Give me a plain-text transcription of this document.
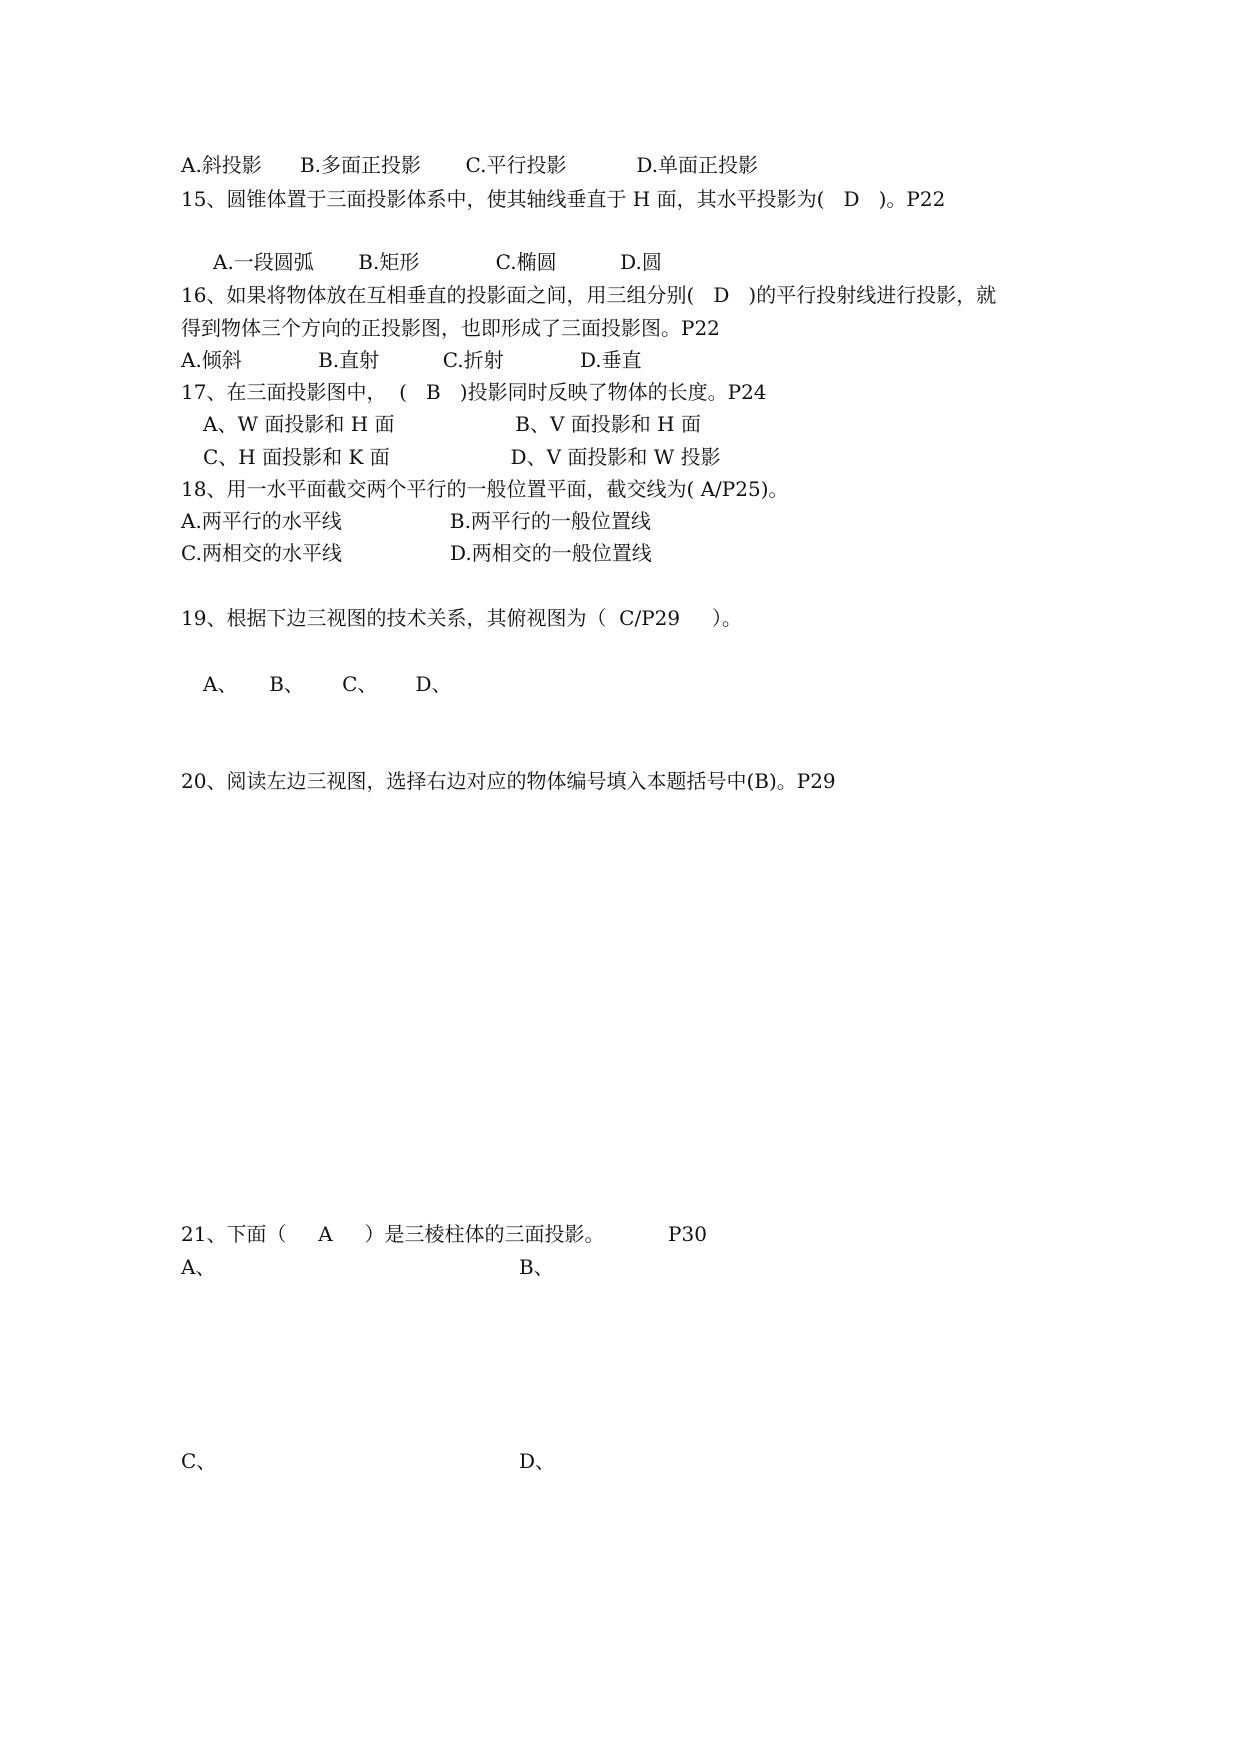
A.斜投影      B.多面正投影       C.平行投影           D.单面正投影
15、圆锥体置于三面投影体系中，使其轴线垂直于 H 面，其水平投影为(   D   )。P22
A.一段圆弧       B.矩形            C.椭圆          D.圆
16、如果将物体放在互相垂直的投影面之间，用三组分别(   D   )的平行投射线进行投影，就
得到物体三个方向的正投影图，也即形成了三面投影图。P22
A.倾斜            B.直射          C.折射            D.垂直
17、在三面投影图中，  (   B   )投影同时反映了物体的长度。P24
A、W 面投影和 H 面                   B、V 面投影和 H 面
C、H 面投影和 K 面                   D、V 面投影和 W 投影
18、用一水平面截交两个平行的一般位置平面，截交线为( A/P25)。
A.两平行的水平线                 B.两平行的一般位置线
C.两相交的水平线                 D.两相交的一般位置线
19、根据下边三视图的技术关系，其俯视图为（  C/P29     ）。
A、     B、      C、      D、
20、阅读左边三视图，选择右边对应的物体编号填入本题括号中(B)。P29
21、下面（     A     ）是三棱柱体的三面投影。          P30
A、	B、
C、	D、
